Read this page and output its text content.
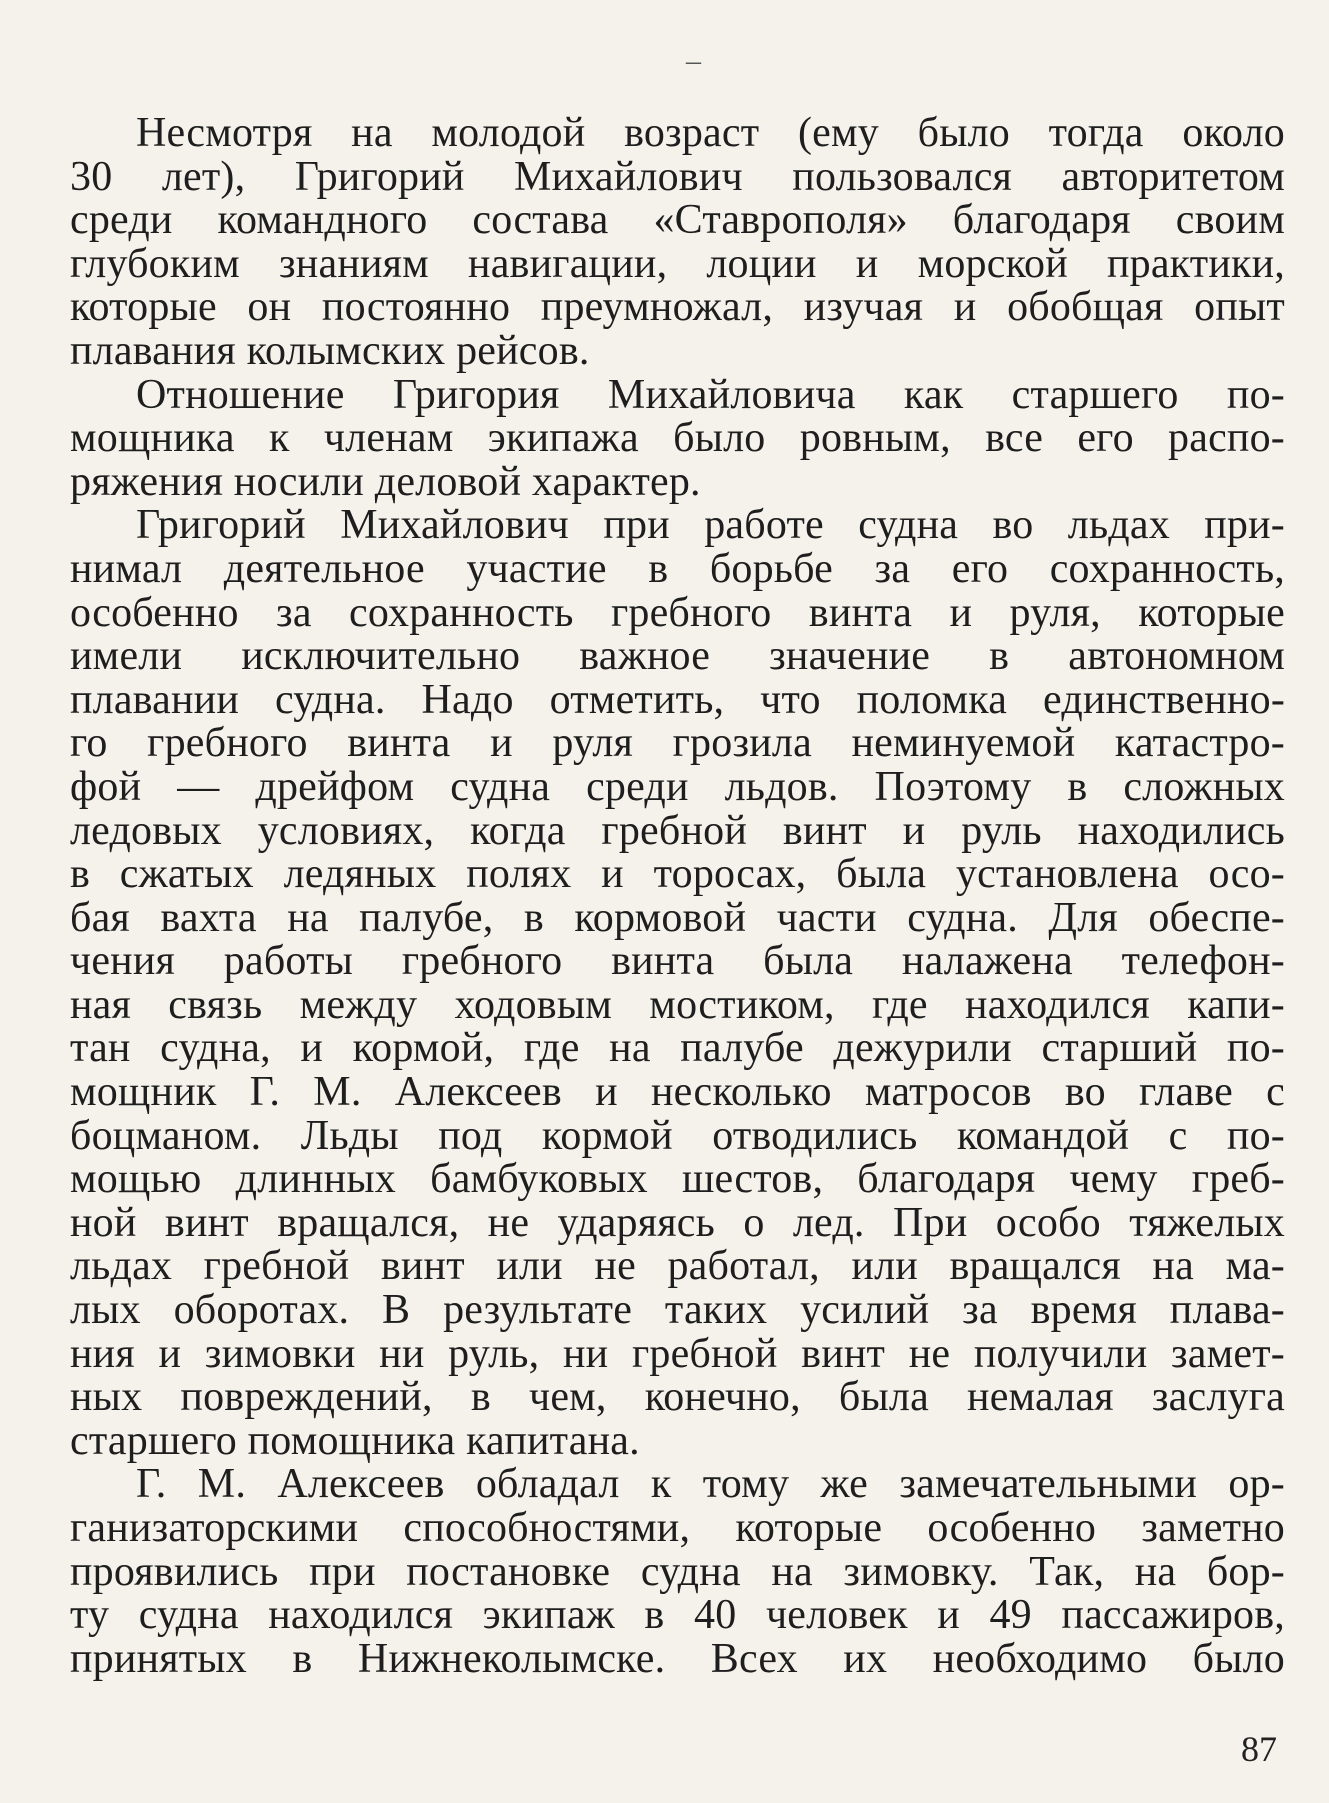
–

Несмотря на молодой возраст (ему было тогда около
30 лет), Григорий Михайлович пользовался авторитетом
среди командного состава «Ставрополя» благодаря своим
глубоким знаниям навигации, лоции и морской практики,
которые он постоянно преумножал, изучая и обобщая опыт
плавания колымских рейсов.

Отношение Григория Михайловича как старшего по-
мощника к членам экипажа было ровным, все его распо-
ряжения носили деловой характер.

Григорий Михайлович при работе судна во льдах при-
нимал деятельное участие в борьбе за его сохранность,
особенно за сохранность гребного винта и руля, которые
имели исключительно важное значение в автономном
плавании судна. Надо отметить, что поломка единственно-
го гребного винта и руля грозила неминуемой катастро-
фой — дрейфом судна среди льдов. Поэтому в сложных
ледовых условиях, когда гребной винт и руль находились
в сжатых ледяных полях и торосах, была установлена осо-
бая вахта на палубе, в кормовой части судна. Для обеспе-
чения работы гребного винта была налажена телефон-
ная связь между ходовым мостиком, где находился капи-
тан судна, и кормой, где на палубе дежурили старший по-
мощник Г. М. Алексеев и несколько матросов во главе с
боцманом. Льды под кормой отводились командой с по-
мощью длинных бамбуковых шестов, благодаря чему греб-
ной винт вращался, не ударяясь о лед. При особо тяжелых
льдах гребной винт или не работал, или вращался на ма-
лых оборотах. В результате таких усилий за время плава-
ния и зимовки ни руль, ни гребной винт не получили замет-
ных повреждений, в чем, конечно, была немалая заслуга
старшего помощника капитана.

Г. М. Алексеев обладал к тому же замечательными ор-
ганизаторскими способностями, которые особенно заметно
проявились при постановке судна на зимовку. Так, на бор-
ту судна находился экипаж в 40 человек и 49 пассажиров,
принятых в Нижнеколымске. Всех их необходимо было

87
